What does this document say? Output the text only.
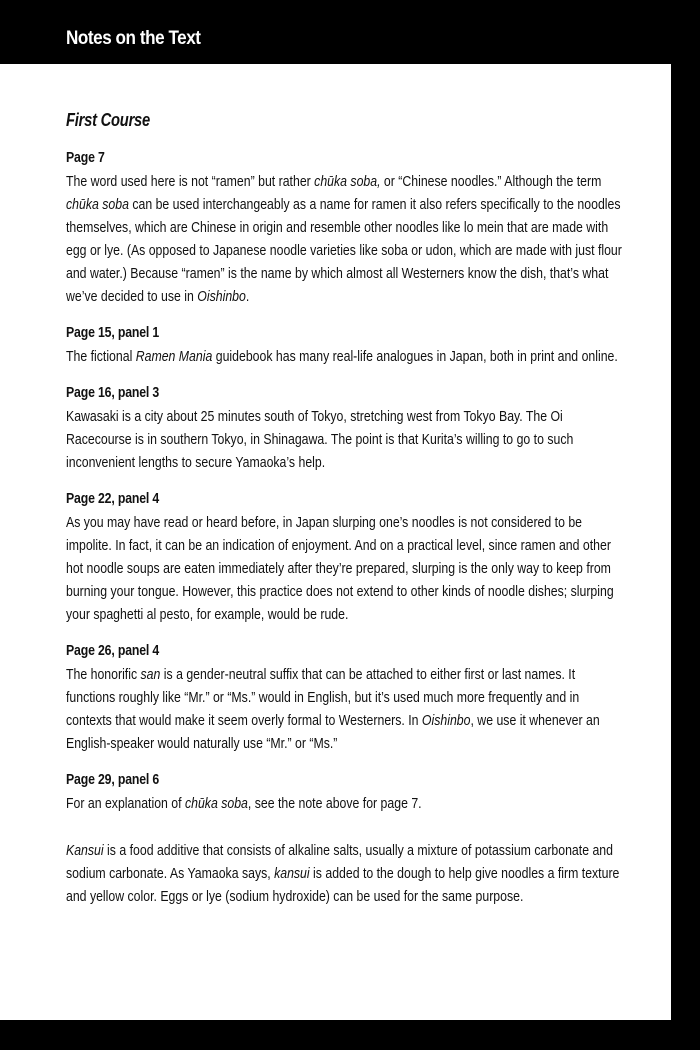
Notes on the Text
First Course
Page 7
The word used here is not “ramen” but rather chūka soba, or “Chinese noodles.” Although the term chūka soba can be used interchangeably as a name for ramen it also refers specifically to the noodles themselves, which are Chinese in origin and resemble other noodles like lo mein that are made with egg or lye. (As opposed to Japanese noodle varieties like soba or udon, which are made with just flour and water.) Because “ramen” is the name by which almost all Westerners know the dish, that’s what we’ve decided to use in Oishinbo.
Page 15, panel 1
The fictional Ramen Mania guidebook has many real-life analogues in Japan, both in print and online.
Page 16, panel 3
Kawasaki is a city about 25 minutes south of Tokyo, stretching west from Tokyo Bay. The Oi Racecourse is in southern Tokyo, in Shinagawa. The point is that Kurita’s willing to go to such inconvenient lengths to secure Yamaoka’s help.
Page 22, panel 4
As you may have read or heard before, in Japan slurping one’s noodles is not considered to be impolite. In fact, it can be an indication of enjoyment. And on a practical level, since ramen and other hot noodle soups are eaten immediately after they’re prepared, slurping is the only way to keep from burning your tongue. However, this practice does not extend to other kinds of noodle dishes; slurping your spaghetti al pesto, for example, would be rude.
Page 26, panel 4
The honorific san is a gender-neutral suffix that can be attached to either first or last names. It functions roughly like “Mr.” or “Ms.” would in English, but it’s used much more frequently and in contexts that would make it seem overly formal to Westerners. In Oishinbo, we use it whenever an English-speaker would naturally use “Mr.” or “Ms.”
Page 29, panel 6
For an explanation of chūka soba, see the note above for page 7.
Kansui is a food additive that consists of alkaline salts, usually a mixture of potassium carbonate and sodium carbonate. As Yamaoka says, kansui is added to the dough to help give noodles a firm texture and yellow color. Eggs or lye (sodium hydroxide) can be used for the same purpose.
